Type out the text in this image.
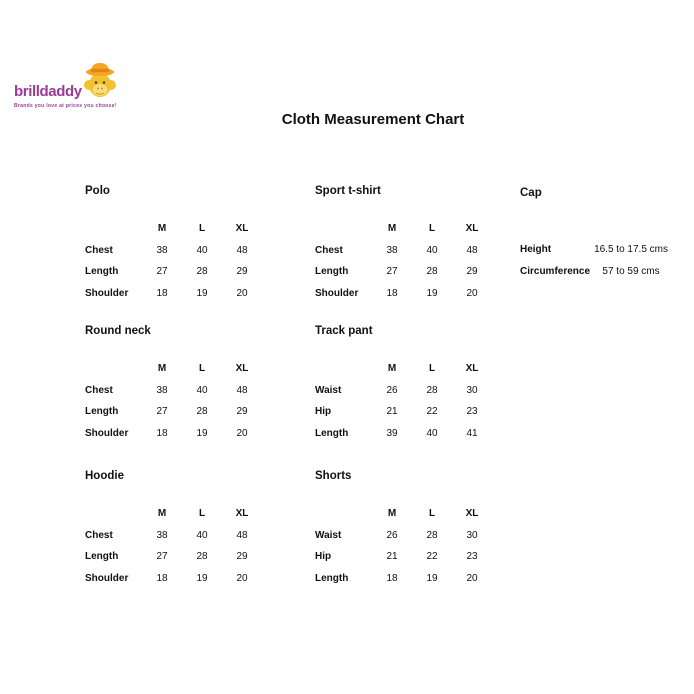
brilldaddy
Brands you love at prices you choose!
Cloth Measurement Chart
Polo
	M	L	XL
Chest	38	40	48
Length	27	28	29
Shoulder	18	19	20
Sport t-shirt
	M	L	XL
Chest	38	40	48
Length	27	28	29
Shoulder	18	19	20
Cap
Height	16.5 to 17.5 cms
Circumference	57 to 59 cms
Round neck
	M	L	XL
Chest	38	40	48
Length	27	28	29
Shoulder	18	19	20
Track pant
	M	L	XL
Waist	26	28	30
Hip	21	22	23
Length	39	40	41
Hoodie
	M	L	XL
Chest	38	40	48
Length	27	28	29
Shoulder	18	19	20
Shorts
	M	L	XL
Waist	26	28	30
Hip	21	22	23
Length	18	19	20
